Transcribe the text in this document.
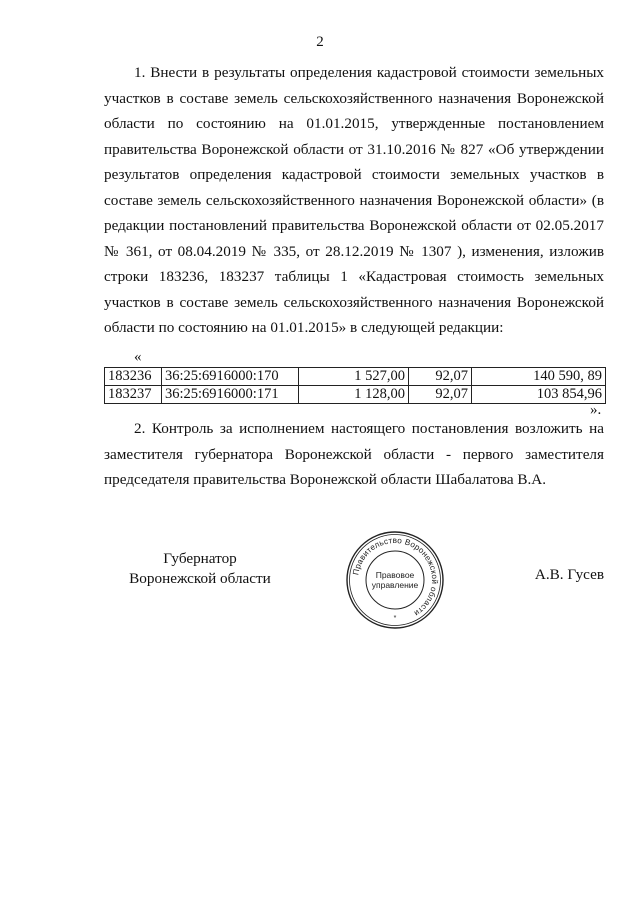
2
1. Внести в результаты определения кадастровой стоимости земельных участков в составе земель сельскохозяйственного назначения Воронежской области по состоянию на 01.01.2015, утвержденные постановлением правительства Воронежской области от 31.10.2016 № 827 «Об утверждении результатов определения кадастровой стоимости земельных участков в составе земель сельскохозяйственного назначения Воронежской области» (в редакции постановлений правительства Воронежской области от 02.05.2017 № 361, от 08.04.2019 № 335, от 28.12.2019 № 1307 ), изменения, изложив строки 183236, 183237 таблицы 1 «Кадастровая стоимость земельных участков в составе земель сельскохозяйственного назначения Воронежской области по состоянию на 01.01.2015» в следующей редакции:
«
183236	36:25:6916000:170	1 527,00	92,07	140 590, 89
183237	36:25:6916000:171	1 128,00	92,07	103 854,96
».
2. Контроль за исполнением настоящего постановления возложить на заместителя губернатора Воронежской области - первого заместителя председателя правительства Воронежской области Шабалатова В.А.
Губернатор
Воронежской области	Правительство Воронежской области
Правовое
управление
*
А.В. Гусев
